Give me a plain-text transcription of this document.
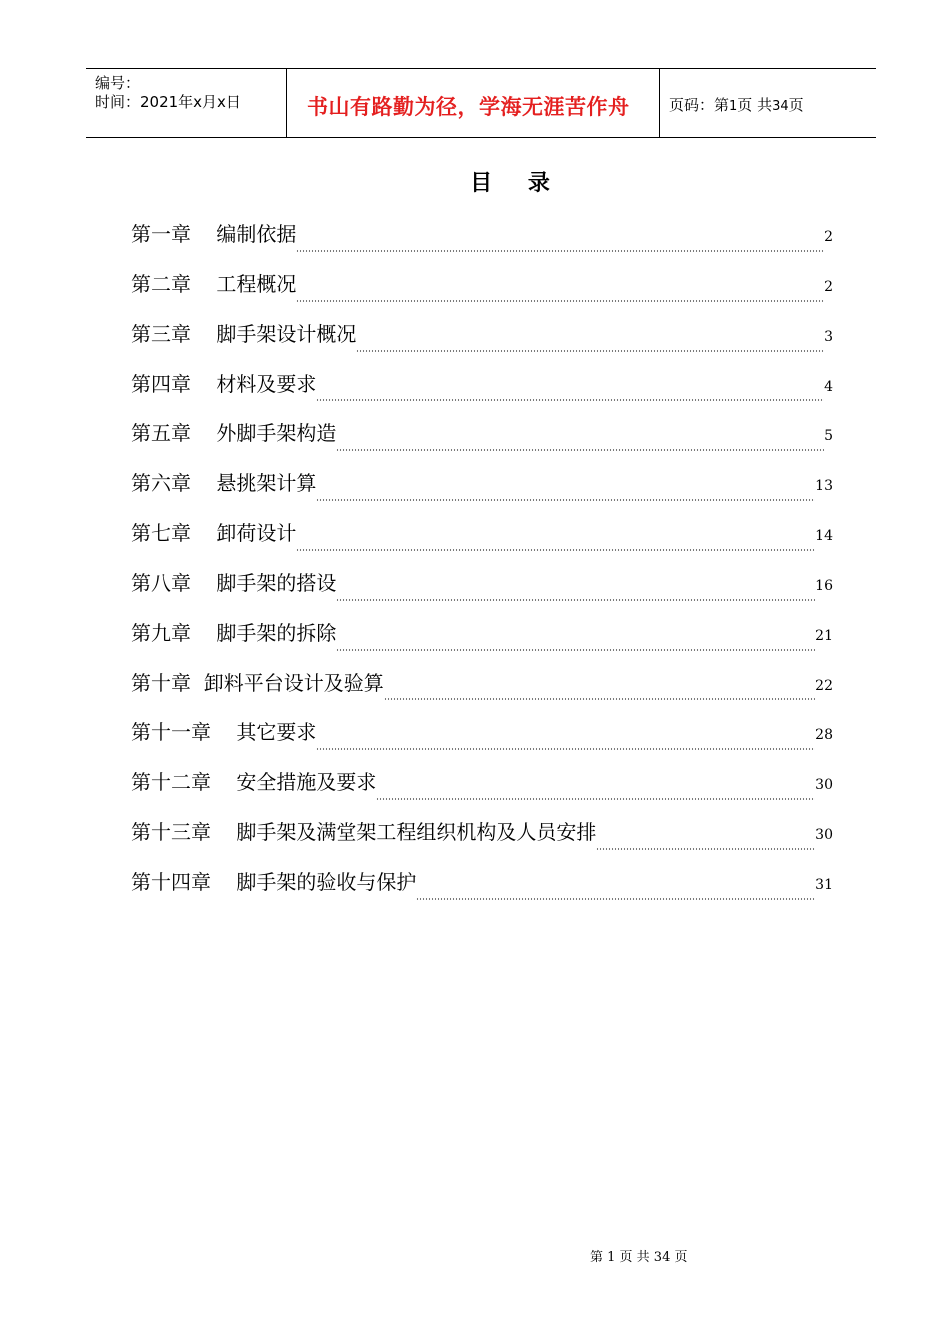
编号：
时间：2021年x月x日	书山有路勤为径，学海无涯苦作舟	页码：第1页 共34页
目 录
第一章    编制依据	2
第二章    工程概况	2
第三章    脚手架设计概况	3
第四章    材料及要求	4
第五章    外脚手架构造	5
第六章    悬挑架计算	13
第七章    卸荷设计	14
第八章    脚手架的搭设	16
第九章    脚手架的拆除	21
第十章  卸料平台设计及验算	22
第十一章    其它要求	28
第十二章    安全措施及要求	30
第十三章    脚手架及满堂架工程组织机构及人员安排	30
第十四章    脚手架的验收与保护	31
第 1 页 共 34 页
